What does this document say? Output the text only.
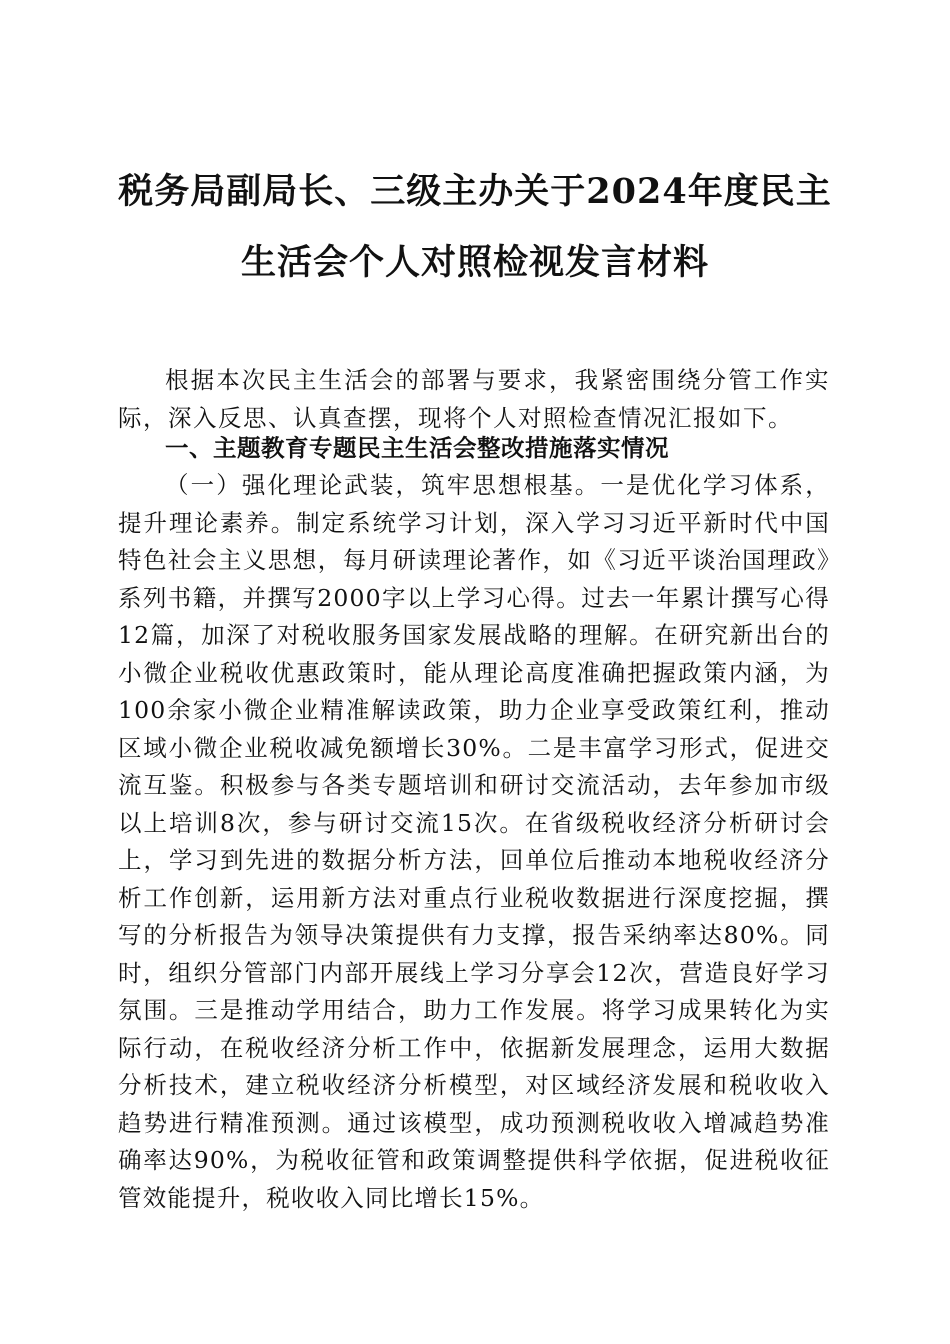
税务局副局长、三级主办关于2024年度民主
生活会个人对照检视发言材料

根据本次民主生活会的部署与要求，我紧密围绕分管工作实际，深入反思、认真查摆，现将个人对照检查情况汇报如下。

一、主题教育专题民主生活会整改措施落实情况

（一）强化理论武装，筑牢思想根基。一是优化学习体系，提升理论素养。制定系统学习计划，深入学习习近平新时代中国特色社会主义思想，每月研读理论著作，如《习近平谈治国理政》系列书籍，并撰写2000字以上学习心得。过去一年累计撰写心得12篇，加深了对税收服务国家发展战略的理解。在研究新出台的小微企业税收优惠政策时，能从理论高度准确把握政策内涵，为100余家小微企业精准解读政策，助力企业享受政策红利，推动区域小微企业税收减免额增长30%。二是丰富学习形式，促进交流互鉴。积极参与各类专题培训和研讨交流活动，去年参加市级以上培训8次，参与研讨交流15次。在省级税收经济分析研讨会上，学习到先进的数据分析方法，回单位后推动本地税收经济分析工作创新，运用新方法对重点行业税收数据进行深度挖掘，撰写的分析报告为领导决策提供有力支撑，报告采纳率达80%。同时，组织分管部门内部开展线上学习分享会12次，营造良好学习氛围。三是推动学用结合，助力工作发展。将学习成果转化为实际行动，在税收经济分析工作中，依据新发展理念，运用大数据分析技术，建立税收经济分析模型，对区域经济发展和税收收入趋势进行精准预测。通过该模型，成功预测税收收入增减趋势准确率达90%，为税收征管和政策调整提供科学依据，促进税收征管效能提升，税收收入同比增长15%。
